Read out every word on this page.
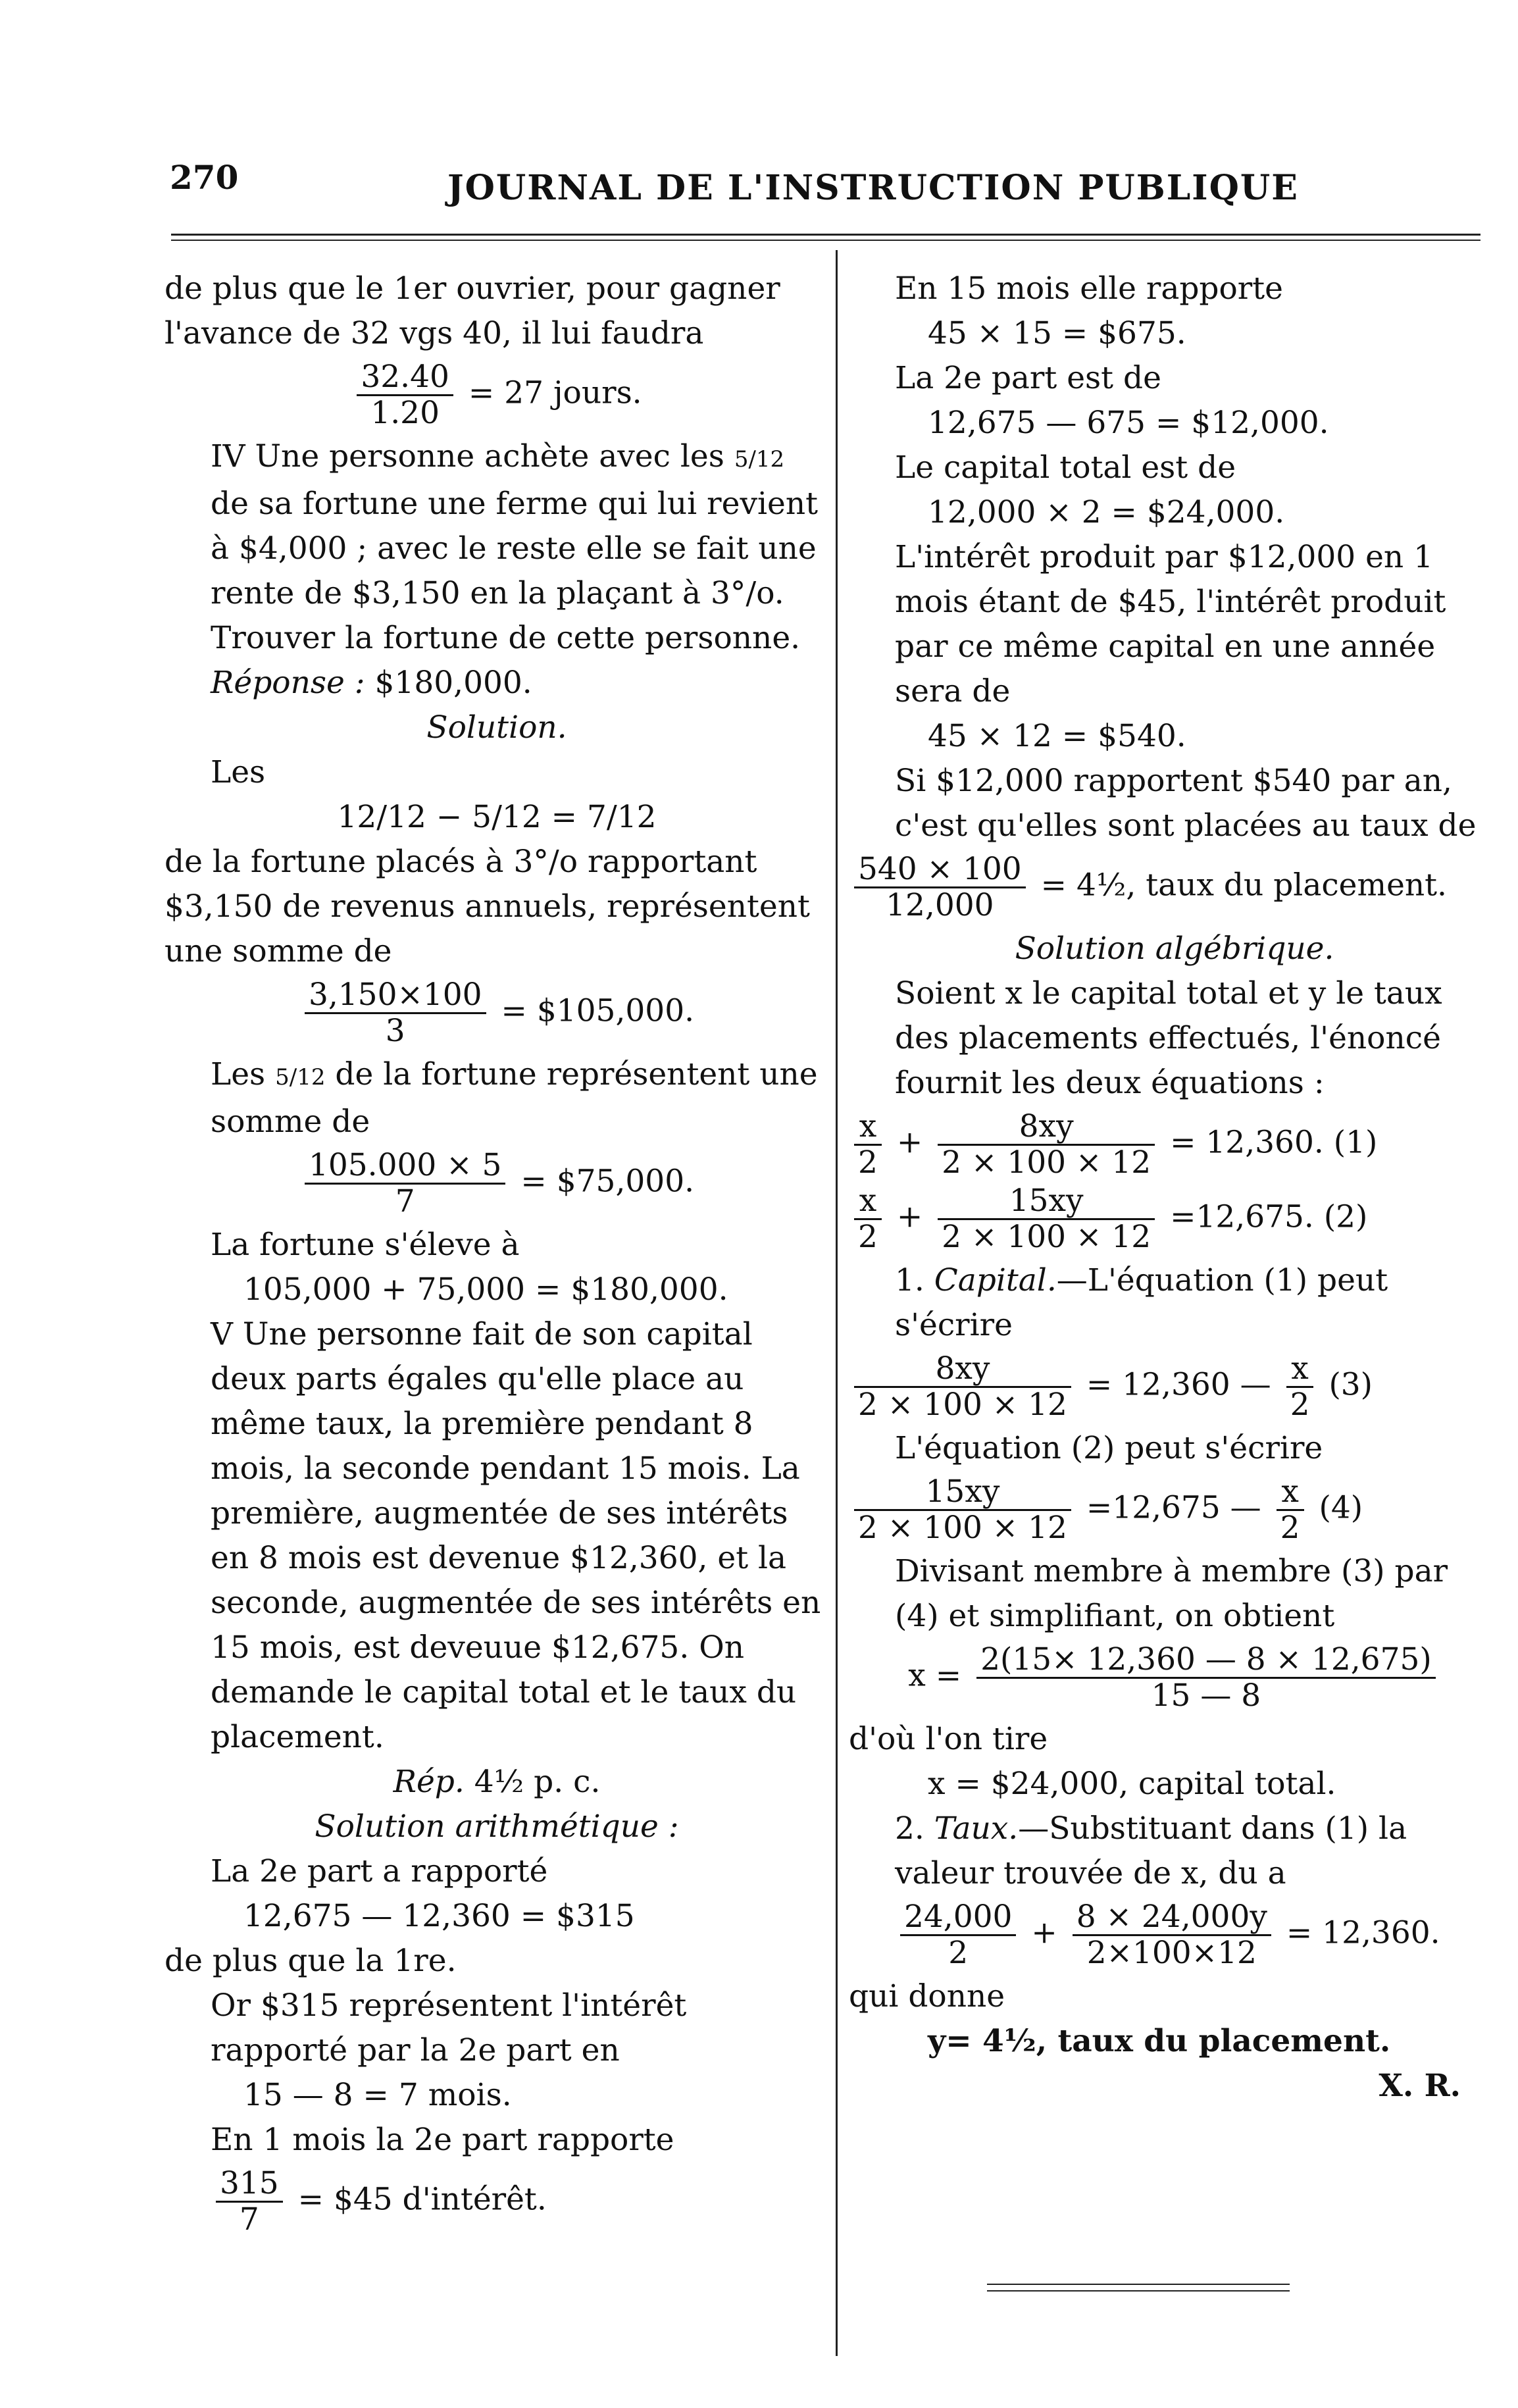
270	JOURNAL DE L'INSTRUCTION PUBLIQUE

de plus que le 1er ouvrier, pour gagner

l'avance de 32 vgs 40, il lui faudra

$\frac{32.40}{1.20} = 27$ jours.

IV Une personne achète avec les 5/12 de sa fortune une ferme qui lui revient à $4,000 ; avec le reste elle se fait une rente de $3,150 en la plaçant à 3°/o. Trouver la fortune de cette personne.

Réponse : $180,000.

Solution.

Les

12/12 − 5/12 = 7/12

de la fortune placés à 3°/o rapportant $3,150 de revenus annuels, représentent une somme de

$\frac{3,150\times 100}{3}$ = $105,000.

Les 5/12 de la fortune représentent une somme de

$\frac{105.000 \times 5}{7}$ = $75,000.

La fortune s'éleve à

105,000 + 75,000 = $180,000.

V Une personne fait de son capital deux parts égales qu'elle place au même taux, la première pendant 8 mois, la seconde pendant 15 mois. La première, augmentée de ses intérêts en 8 mois est devenue $12,360, et la seconde, augmentée de ses intérêts en 15 mois, est deveuue $12,675. On demande le capital total et le taux du placement.

Rép. 4½ p. c.

Solution arithmétique :

La 2e part a rapporté

12,675 — 12,360 = $315

de plus que la 1re.

Or $315 représentent l'intérêt rapporté par la 2e part en

15 — 8 = 7 mois.

En 1 mois la 2e part rapporte

$\frac{315}{7}$ = $45 d'intérêt.

En 15 mois elle rapporte

45 × 15 = $675.

La 2e part est de

12,675 — 675 = $12,000.

Le capital total est de

12,000 × 2 = $24,000.

L'intérêt produit par $12,000 en 1 mois étant de $45, l'intérêt produit par ce même capital en une année sera de

45 × 12 = $540.

Si $12,000 rapportent $540 par an, c'est qu'elles sont placées au taux de

$\frac{540 \times 100}{12,000}$ = 4½, taux du placement.

Solution algébrique.

Soient x le capital total et y le taux des placements effectués, l'énoncé fournit les deux équations :

$\frac{x}{2} + \frac{8xy}{2 \times 100 \times 12} = 12,360$. (1)

$\frac{x}{2} + \frac{15xy}{2 \times 100 \times 12} =12,675$. (2)

1. Capital.—L'équation (1) peut s'écrire

$\frac{8xy}{2 \times 100 \times 12} = 12,360$ — $\frac{x}{2} (3)$

L'équation (2) peut s'écrire

$\frac{15xy}{2 \times 100 \times 12} =12,675$ — $\frac{x}{2} (4)$

Divisant membre à membre (3) par (4) et simplifiant, on obtient

$x = \frac{2(15\times 12,360 — 8 \times 12,675)}{15 — 8}$

d'où l'on tire

x = $24,000, capital total.

2. Taux.—Substituant dans (1) la valeur trouvée de x, du a

$\frac{24,000}{2} + \frac{8 \times 24,000y}{2\times 100\times 12} = 12,360$.

qui donne

y= 4½, taux du placement.

X. R.
